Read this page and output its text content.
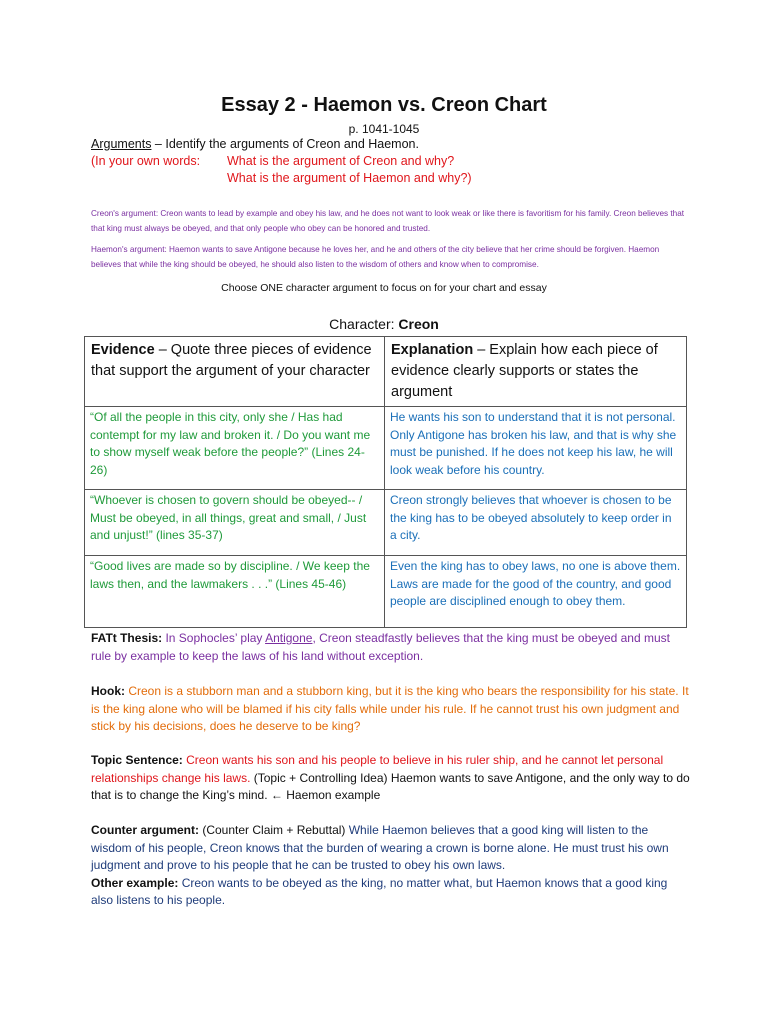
Essay 2 - Haemon vs. Creon Chart
p. 1041-1045
Arguments – Identify the arguments of Creon and Haemon.
(In your own words: What is the argument of Creon and why?
What is the argument of Haemon and why?)
Creon's argument: Creon wants to lead by example and obey his law, and he does not want to look weak or like there is favoritism for his family. Creon believes that that king must always be obeyed, and that only people who obey can be honored and trusted.
Haemon's argument: Haemon wants to save Antigone because he loves her, and he and others of the city believe that her crime should be forgiven. Haemon believes that while the king should be obeyed, he should also listen to the wisdom of others and know when to compromise.
Choose ONE character argument to focus on for your chart and essay
Character: Creon
Evidence – Quote three pieces of evidence that support the argument of your character	Explanation – Explain how each piece of evidence clearly supports or states the argument
“Of all the people in this city, only she / Has had contempt for my law and broken it. / Do you want me to show myself weak before the people?” (Lines 24-26)	He wants his son to understand that it is not personal. Only Antigone has broken his law, and that is why she must be punished. If he does not keep his law, he will look weak before his country.
“Whoever is chosen to govern should be obeyed-- / Must be obeyed, in all things, great and small, / Just and unjust!” (lines 35-37)	Creon strongly believes that whoever is chosen to be the king has to be obeyed absolutely to keep order in a city.
“Good lives are made so by discipline. / We keep the laws then, and the lawmakers . . .” (Lines 45-46)	Even the king has to obey laws, no one is above them. Laws are made for the good of the country, and good people are disciplined enough to obey them.
FATt Thesis: In Sophocles’ play Antigone, Creon steadfastly believes that the king must be obeyed and must rule by example to keep the laws of his land without exception.
Hook: Creon is a stubborn man and a stubborn king, but it is the king who bears the responsibility for his state. It is the king alone who will be blamed if his city falls while under his rule. If he cannot trust his own judgment and stick by his decisions, does he deserve to be king?
Topic Sentence: Creon wants his son and his people to believe in his ruler ship, and he cannot let personal relationships change his laws. (Topic + Controlling Idea) Haemon wants to save Antigone, and the only way to do that is to change the King’s mind. ← Haemon example
Counter argument: (Counter Claim + Rebuttal) While Haemon believes that a good king will listen to the wisdom of his people, Creon knows that the burden of wearing a crown is borne alone. He must trust his own judgment and prove to his people that he can be trusted to obey his own laws.
Other example: Creon wants to be obeyed as the king, no matter what, but Haemon knows that a good king also listens to his people.
